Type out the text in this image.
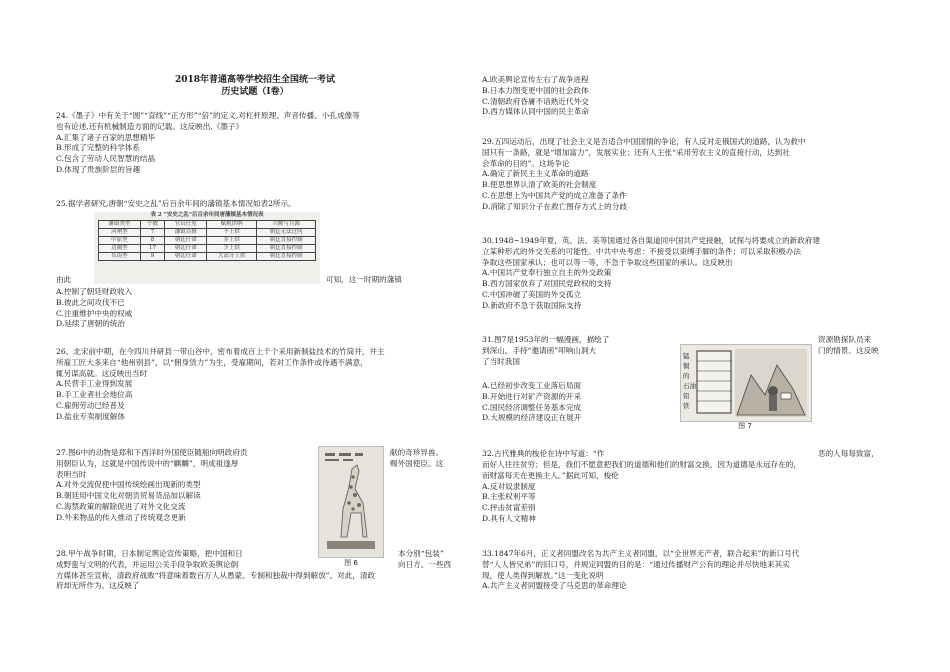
2018年普通高等学校招生全国统一考试
历史试题（Ⅰ卷）
24.《墨子》中有关于“圆”“直线”“正方形”“倍”的定义,对杠杆原理、声音传播、小孔成像等
也有论述,还有机械制造方面的记载。这反映出,《墨子》
A.汇集了诸子百家的思想精华
B.形成了完整的科学体系
C.包含了劳动人民智慧的结晶
D.体现了贵族阶层的旨趣
25.据学者研究,唐朝“安史之乱”后百余年间的藩镇基本情况如表2所示。
表 2 “安史之乱”后百余年间唐藩镇基本情况表
藩镇类型	个数	官员任免	赋税供纳	兵额与兵源
河朔型	7	藩镇自擅	不上供	朝廷无法过问
中原型	8	朝廷任命	多上供	朝廷直接控制
边疆型	17	朝廷任命	少上供	朝廷直接控制
东南型	9	朝廷任命	大部分上供	朝廷直接控制
由此	可知，这一时期的藩镇
A.控制了朝廷财政收入
B.彼此之间攻伐不已
C.注重维护中央的权威
D.延续了唐朝的统治
26、北宋前中期，在今四川井研县一带山谷中，密布着成百上千个采用新制盐技术的竹筒井，井主
所雇工匠大多来自“他州别县”，以“佣身赁力”为生，受雇期间，若对工作条件或待遇不满意，
辄另谋高就。这反映出当时
A.民营手工业得到发展
B.手工业者社会地位高
C.雇佣劳动已经普及
D.盐业专卖制度解体
27.图6中的动物是郑和下西洋时外国使臣随船向明政府贡
用朝臣认为，这就是中国传说中的“麒麟”，明成祖遂厚
表明当时
A.对外交流促使中国传统绘画出现新的类型
B.朝廷用中国文化对朝贡贸易货品加以解读
C.海禁政策的解除促进了对外文化交流
D.外来物品的传入推动了传统观念更新
献的奇珍异兽。
赐外国使臣。这
图 6
28.甲午战争时期，日本制定舆论宣传策略，把中国和日
成野蛮与文明的代表，并运用公关手段争取欧美舆论倒
方媒体甚至宣称，清政府战败“将意味着数百万人从愚蒙、专制和独裁中得到解放”。对此，清政
府却无所作为。这反映了
本分别“包装”
向日方。一些西
A.欧美舆论宣传左右了战争进程
B.日本力图变更中国的社会政体
C.清朝政府昏庸不谙熟近代外交
D.西方媒体认同中国的民主革命
29.五四运动后，出现了社会主义是否适合中国国情的争论，有人反对走俄国式的道路，认为救中
国只有一条路，就是“增加富力”，发展实业；还有人主张“采用劳农主义的直接行动，达到社
会革命的目的”。这场争论
A.确定了新民主主义革命的道路
B.使思想界认清了欧美的社会制度
C.在思想上为中国共产党的成立准备了条件
D.消除了知识分子在救亡图存方式上的分歧
30.1948~1949年夏，英、法、美等国通过各自渠道同中国共产党接触，试探与将要成立的新政府建
立某种形式的外交关系的可能性。中共中央考虑：不接受以束缚手脚的条件；可以采取积极办法
争取这些国家承认；也可以等一等，不急于争取这些国家的承认。这反映出
A.中国共产党奉行独立自主的外交政策
B.西方国家放弃了对国民党政权的支持
C.中国冲破了美国的外交孤立
D.新政府不急于获取国际支持
31.图7是1953年的一幅漫画，描绘了	资源勘探队员来
到深山，手持“邀请函”叩响山洞大	门的情景。这反映
了当时我国
A.已经初步改变工业落后局面
B.开始进行对矿产资源的开采
C.国民经济调整任务基本完成
D.大规模的经济建设正在展开
锰
铜
的
石油
铝
铁
图 7
32.古代雅典的梭伦在诗中写道：“作	恶的人每每致富，
而好人往往贫穷；但是，我们不愿意把我们的道德和他们的财富交换，因为道德是永远存在的，
而财富每天在更换主人。”据此可知，梭伦
A.反对奴隶制度
B.主张权利平等
C.抨击贫富差别
D.具有人文精神
33.1847年6月，正义者同盟改名为共产主义者同盟，以“全世界无产者，联合起来”的新口号代
替“人人皆兄弟”的旧口号，并规定同盟的目的是：“通过传播财产公有的理论并尽快地来其实
现，使人类得到解放。”这一变化说明
A.共产主义者同盟接受了马克思的革命理论
